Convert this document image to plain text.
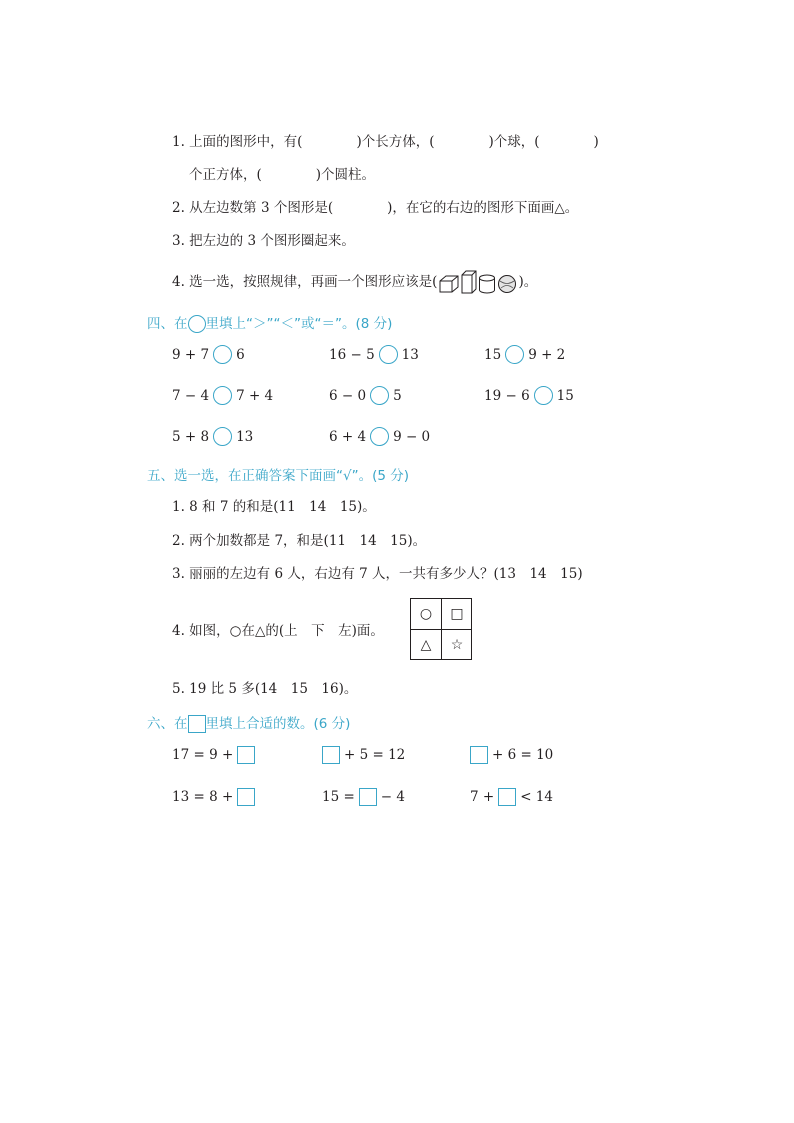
1. 上面的图形中，有(　　　　)个长方体，(　　　　)个球，(　　　　)
个正方体，(　　　　)个圆柱。
2. 从左边数第 3 个图形是(　　　　)，在它的右边的图形下面画△。
3. 把左边的 3 个图形圈起来。
4. 选一选，按照规律，再画一个图形应该是(	)。
四、在 里填上“＞”“＜”或“＝”。(8 分)
9 + 7 6	16 − 5 13	15 9 + 2
7 − 4 7 + 4	6 − 0 5	19 − 6 15
5 + 8 13	6 + 4 9 − 0
五、选一选，在正确答案下面画“√”。(5 分)
1. 8 和 7 的和是(11　14　15)。
2. 两个加数都是 7，和是(11　14　15)。
3. 丽丽的左边有 6 人，右边有 7 人，一共有多少人？(13　14　15)
4. 如图，○在△的(上　下　左)面。
○	□
△	☆
5. 19 比 5 多(14　15　16)。
六、在 里填上合适的数。(6 分)
17 = 9 +	+ 5 = 12	+ 6 = 10
13 = 8 +	15 = − 4	7 + < 14
